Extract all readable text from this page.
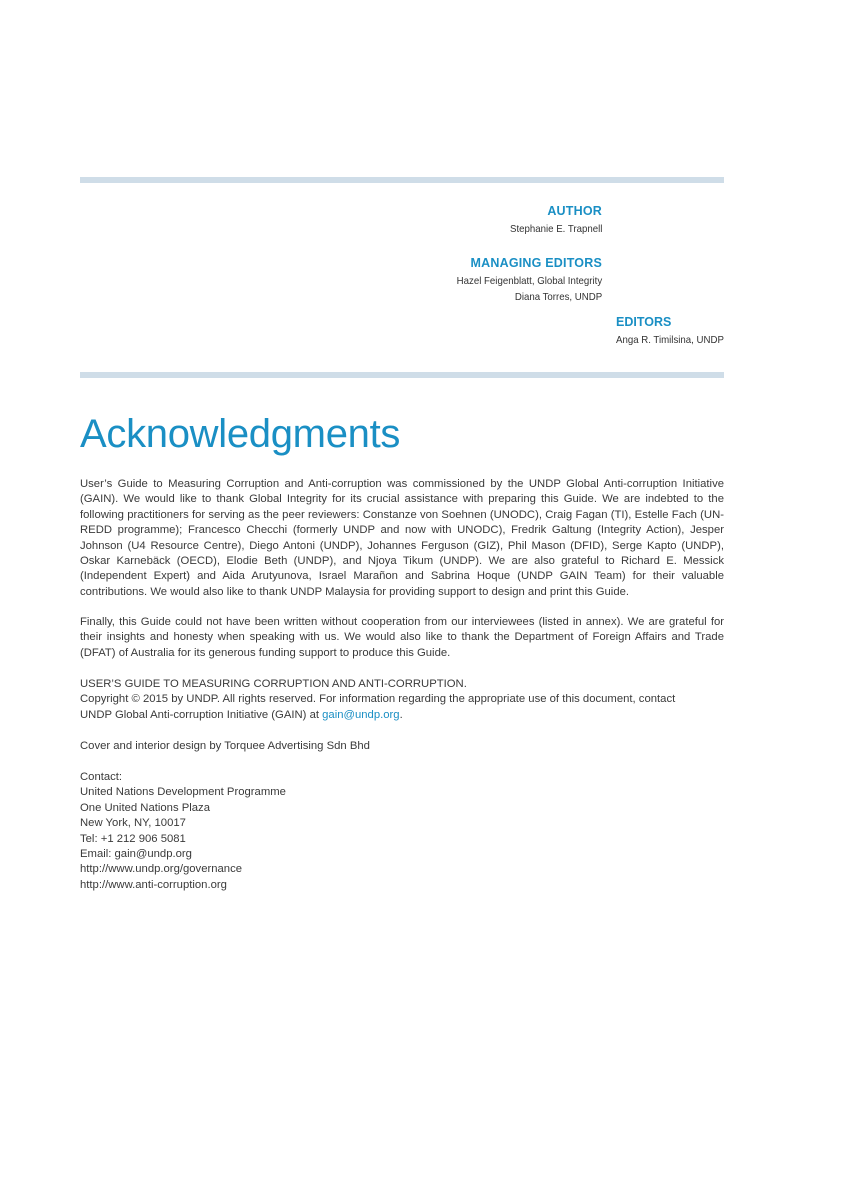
AUTHOR
Stephanie E. Trapnell
MANAGING EDITORS
Hazel Feigenblatt, Global Integrity
Diana Torres, UNDP
EDITORS
Anga R. Timilsina, UNDP
Acknowledgments

User’s Guide to Measuring Corruption and Anti-corruption was commissioned by the UNDP Global Anti-corruption Initiative (GAIN). We would like to thank Global Integrity for its crucial assistance with preparing this Guide. We are indebted to the following practitioners for serving as the peer reviewers: Constanze von Soehnen (UNODC), Craig Fagan (TI), Estelle Fach (UN-REDD programme); Francesco Checchi (formerly UNDP and now with UNODC), Fredrik Galtung (Integrity Action), Jesper Johnson (U4 Resource Centre), Diego Antoni (UNDP), Johannes Ferguson (GIZ), Phil Mason (DFID), Serge Kapto (UNDP), Oskar Karnebäck (OECD), Elodie Beth (UNDP), and Njoya Tikum (UNDP). We are also grateful to Richard E. Messick (Independent Expert) and Aida Arutyunova, Israel Marañon and Sabrina Hoque (UNDP GAIN Team) for their valuable contributions. We would also like to thank UNDP Malaysia for providing support to design and print this Guide.

Finally, this Guide could not have been written without cooperation from our interviewees (listed in annex). We are grateful for their insights and honesty when speaking with us. We would also like to thank the Department of Foreign Affairs and Trade (DFAT) of Australia for its generous funding support to produce this Guide.

USER’S GUIDE TO MEASURING CORRUPTION AND ANTI-CORRUPTION.
Copyright © 2015 by UNDP. All rights reserved. For information regarding the appropriate use of this document, contact
UNDP Global Anti-corruption Initiative (GAIN) at gain@undp.org.
Cover and interior design by Torquee Advertising Sdn Bhd
Contact:
United Nations Development Programme
One United Nations Plaza
New York, NY, 10017
Tel: +1 212 906 5081
Email: gain@undp.org
http://www.undp.org/governance
http://www.anti-corruption.org
